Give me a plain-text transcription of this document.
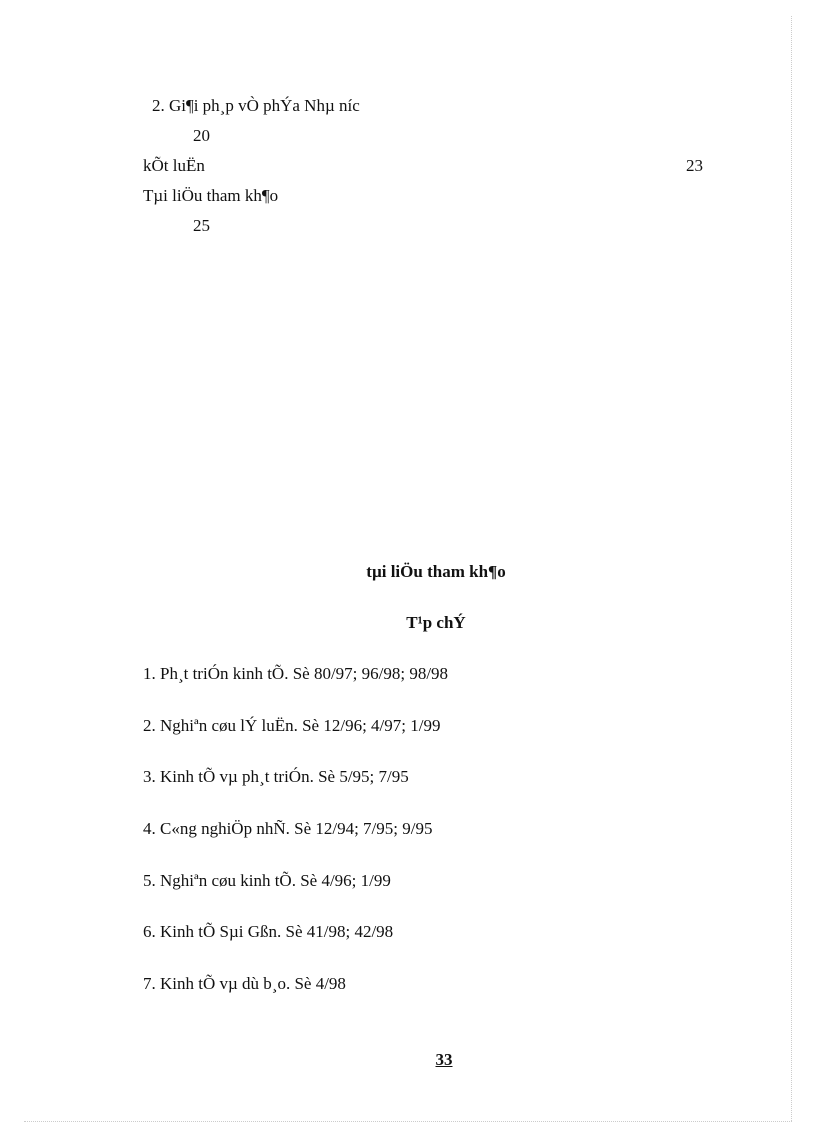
2. Gi¶i ph¸p vÒ phÝa Nhµ níc
20
kÕt luËn	23
Tµi liÖu tham kh¶o
25
tµi liÖu tham kh¶o
T¹p chÝ
1. Ph¸t triÓn kinh tÕ. Sè 80/97; 96/98; 98/98
2. Nghiªn cøu lÝ luËn. Sè 12/96; 4/97; 1/99
3. Kinh tÕ vµ ph¸t triÓn. Sè 5/95; 7/95
4. C«ng nghiÖp nhÑ. Sè 12/94; 7/95; 9/95
5. Nghiªn cøu kinh tÕ. Sè 4/96; 1/99
6. Kinh tÕ Sµi Gßn. Sè 41/98; 42/98
7. Kinh tÕ vµ dù b¸o. Sè 4/98
33
